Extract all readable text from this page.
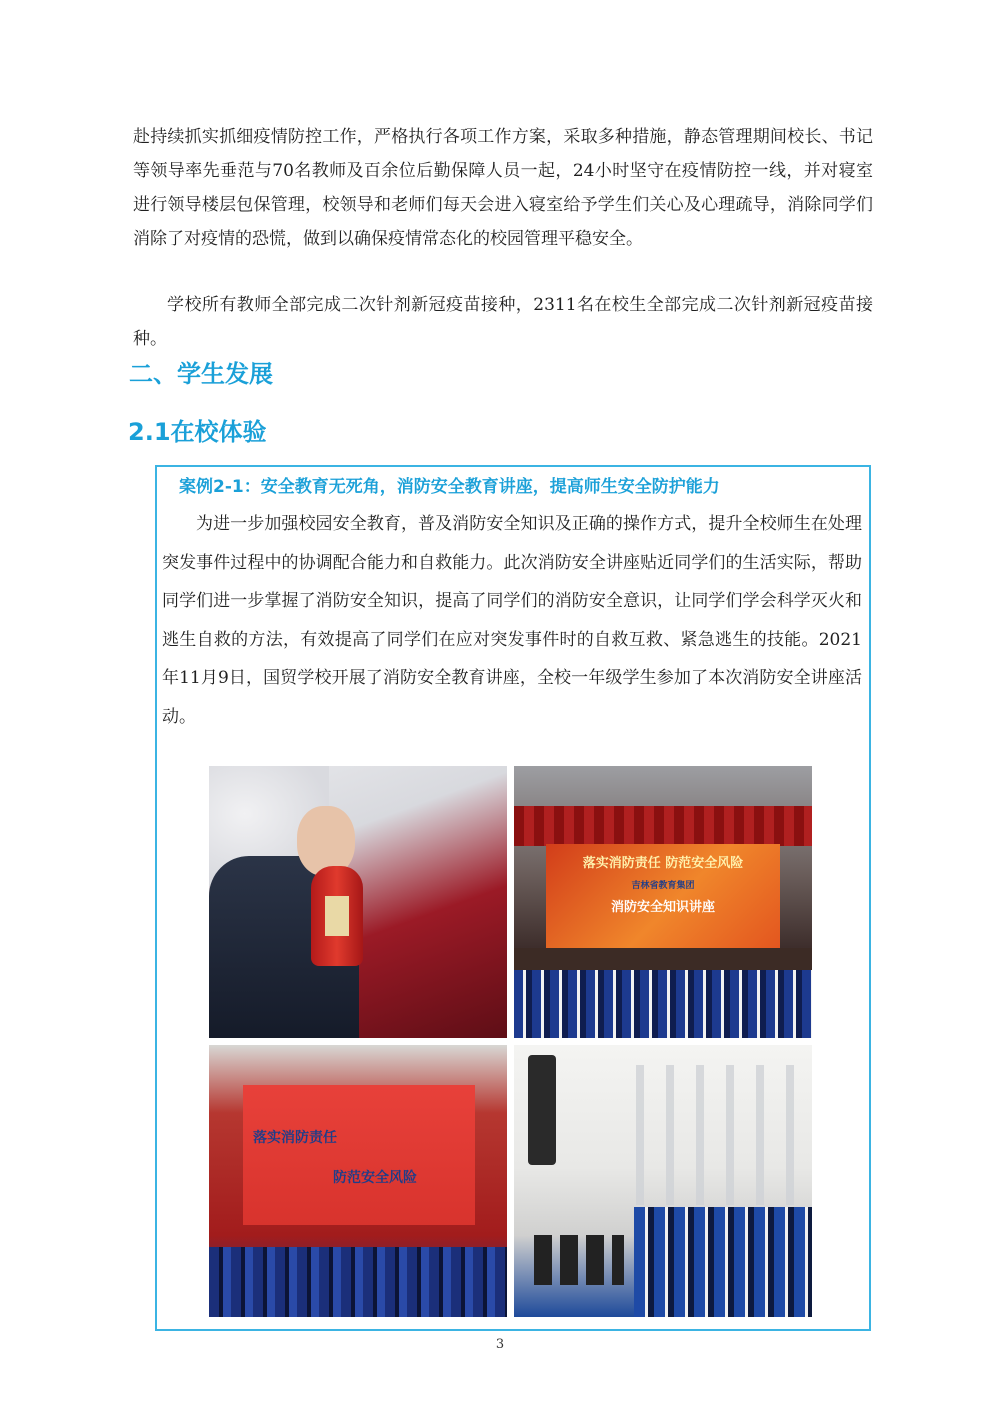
赴持续抓实抓细疫情防控工作，严格执行各项工作方案，采取多种措施，静态管理期间校长、书记等领导率先垂范与70名教师及百余位后勤保障人员一起，24小时坚守在疫情防控一线，并对寝室进行领导楼层包保管理，校领导和老师们每天会进入寝室给予学生们关心及心理疏导，消除同学们消除了对疫情的恐慌，做到以确保疫情常态化的校园管理平稳安全。

学校所有教师全部完成二次针剂新冠疫苗接种，2311名在校生全部完成二次针剂新冠疫苗接种。

二、学生发展
2.1在校体验

案例2-1：安全教育无死角，消防安全教育讲座，提高师生安全防护能力

为进一步加强校园安全教育，普及消防安全知识及正确的操作方式，提升全校师生在处理突发事件过程中的协调配合能力和自救能力。此次消防安全讲座贴近同学们的生活实际，帮助同学们进一步掌握了消防安全知识，提高了同学们的消防安全意识，让同学们学会科学灭火和逃生自救的方法，有效提高了同学们在应对突发事件时的自救互救、紧急逃生的技能。2021年11月9日，国贸学校开展了消防安全教育讲座，全校一年级学生参加了本次消防安全讲座活动。

落实消防责任 防范安全风险
吉林省教育集团
消防安全知识讲座
落实消防责任
防范安全风险

3
